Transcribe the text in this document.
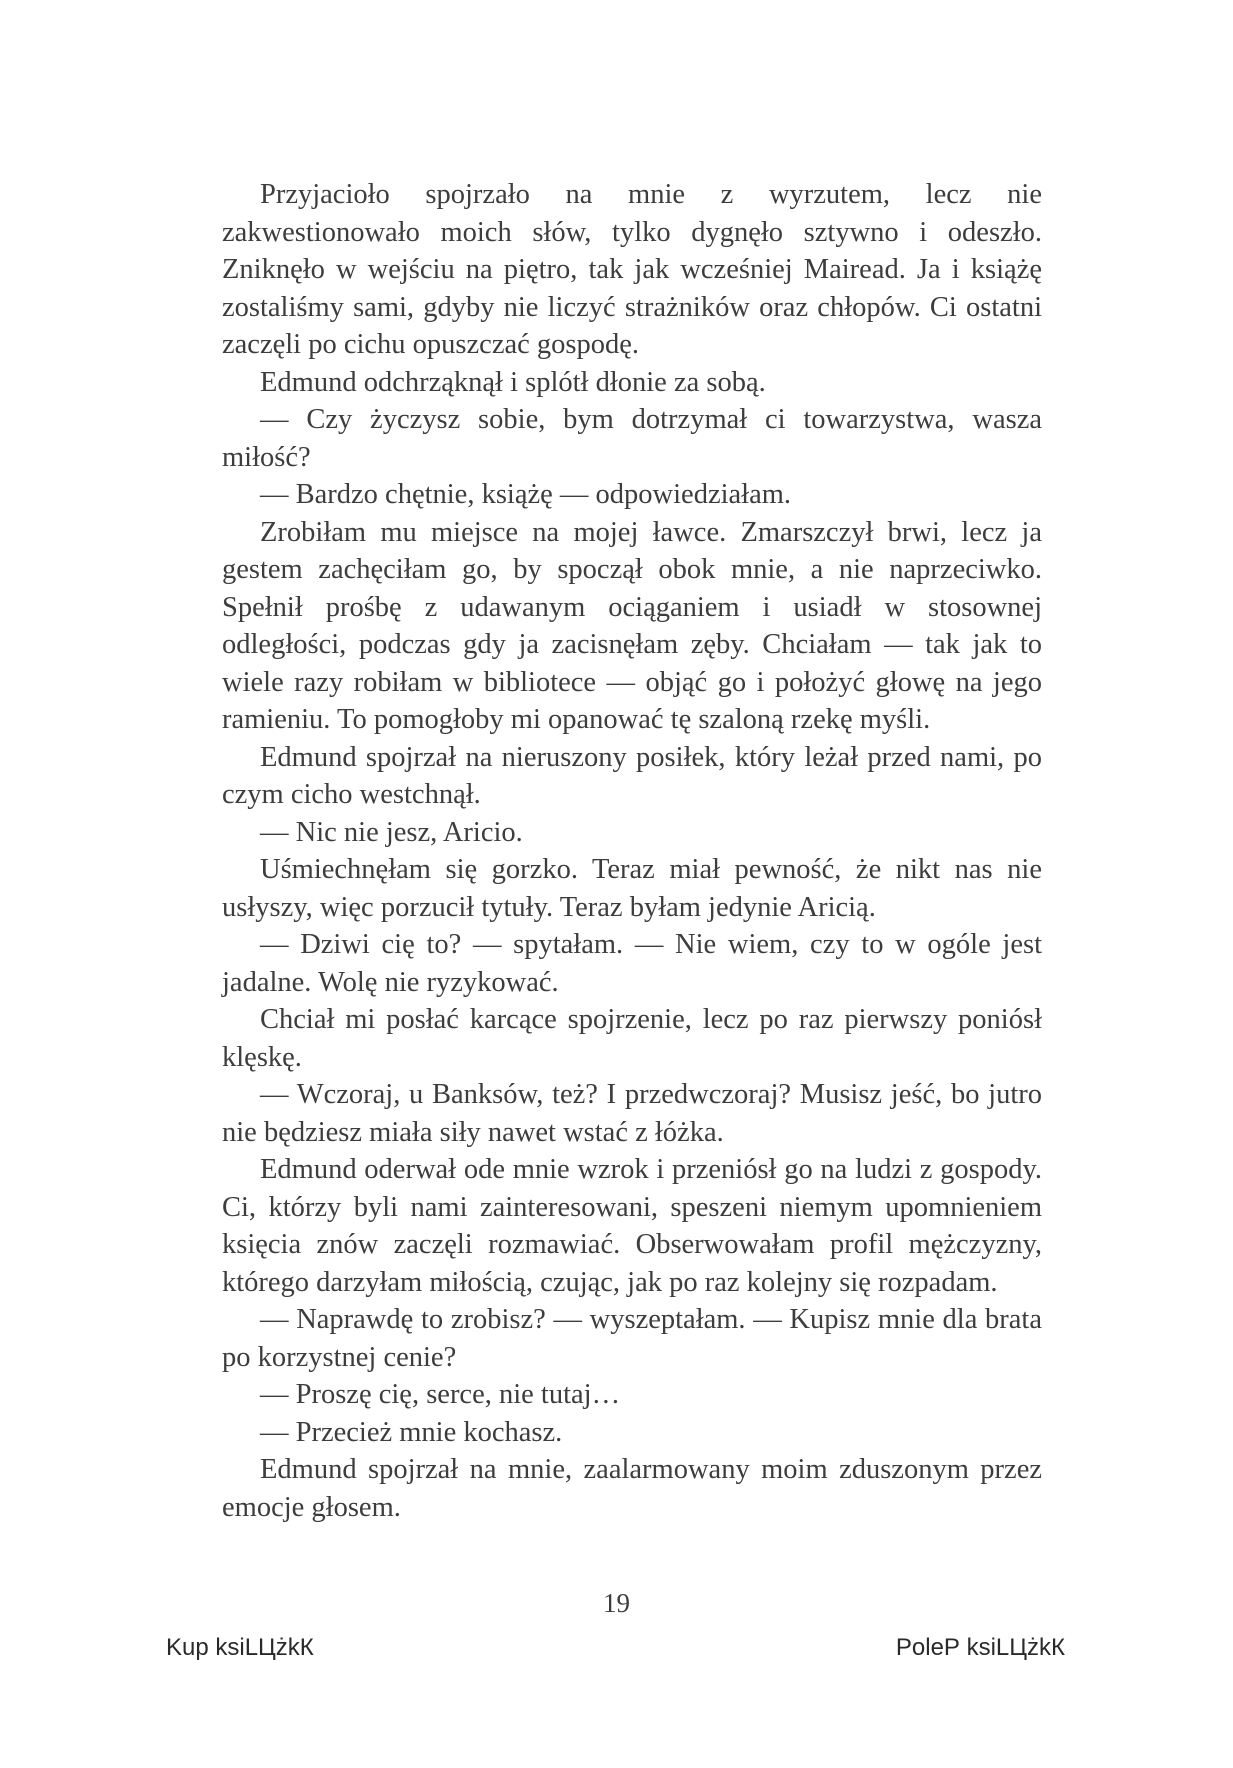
Przyjacioło spojrzało na mnie z wyrzutem, lecz nie zakwestionowało moich słów, tylko dygnęło sztywno i odeszło. Zniknęło w wejściu na piętro, tak jak wcześniej Mairead. Ja i książę zostaliśmy sami, gdyby nie liczyć strażników oraz chłopów. Ci ostatni zaczęli po cichu opuszczać gospodę.

Edmund odchrząknął i splótł dłonie za sobą.

— Czy życzysz sobie, bym dotrzymał ci towarzystwa, wasza miłość?

— Bardzo chętnie, książę — odpowiedziałam.

Zrobiłam mu miejsce na mojej ławce. Zmarszczył brwi, lecz ja gestem zachęciłam go, by spoczął obok mnie, a nie naprzeciwko. Spełnił prośbę z udawanym ociąganiem i usiadł w stosownej odległości, podczas gdy ja zacisnęłam zęby. Chciałam — tak jak to wiele razy robiłam w bibliotece — objąć go i położyć głowę na jego ramieniu. To pomogłoby mi opanować tę szaloną rzekę myśli.

Edmund spojrzał na nieruszony posiłek, który leżał przed nami, po czym cicho westchnął.

— Nic nie jesz, Aricio.

Uśmiechnęłam się gorzko. Teraz miał pewność, że nikt nas nie usłyszy, więc porzucił tytuły. Teraz byłam jedynie Aricią.

— Dziwi cię to? — spytałam. — Nie wiem, czy to w ogóle jest jadalne. Wolę nie ryzykować.

Chciał mi posłać karcące spojrzenie, lecz po raz pierwszy poniósł klęskę.

— Wczoraj, u Banksów, też? I przedwczoraj? Musisz jeść, bo jutro nie będziesz miała siły nawet wstać z łóżka.

Edmund oderwał ode mnie wzrok i przeniósł go na ludzi z gospody. Ci, którzy byli nami zainteresowani, speszeni niemym upomnieniem księcia znów zaczęli rozmawiać. Obserwowałam profil mężczyzny, którego darzyłam miłością, czując, jak po raz kolejny się rozpadam.

— Naprawdę to zrobisz? — wyszeptałam. — Kupisz mnie dla brata po korzystnej cenie?

— Proszę cię, serce, nie tutaj…

— Przecież mnie kochasz.

Edmund spojrzał na mnie, zaalarmowany moim zduszonym przez emocje głosem.

19
Kup ksiLЦżkК	PoleР ksiLЦżkК
